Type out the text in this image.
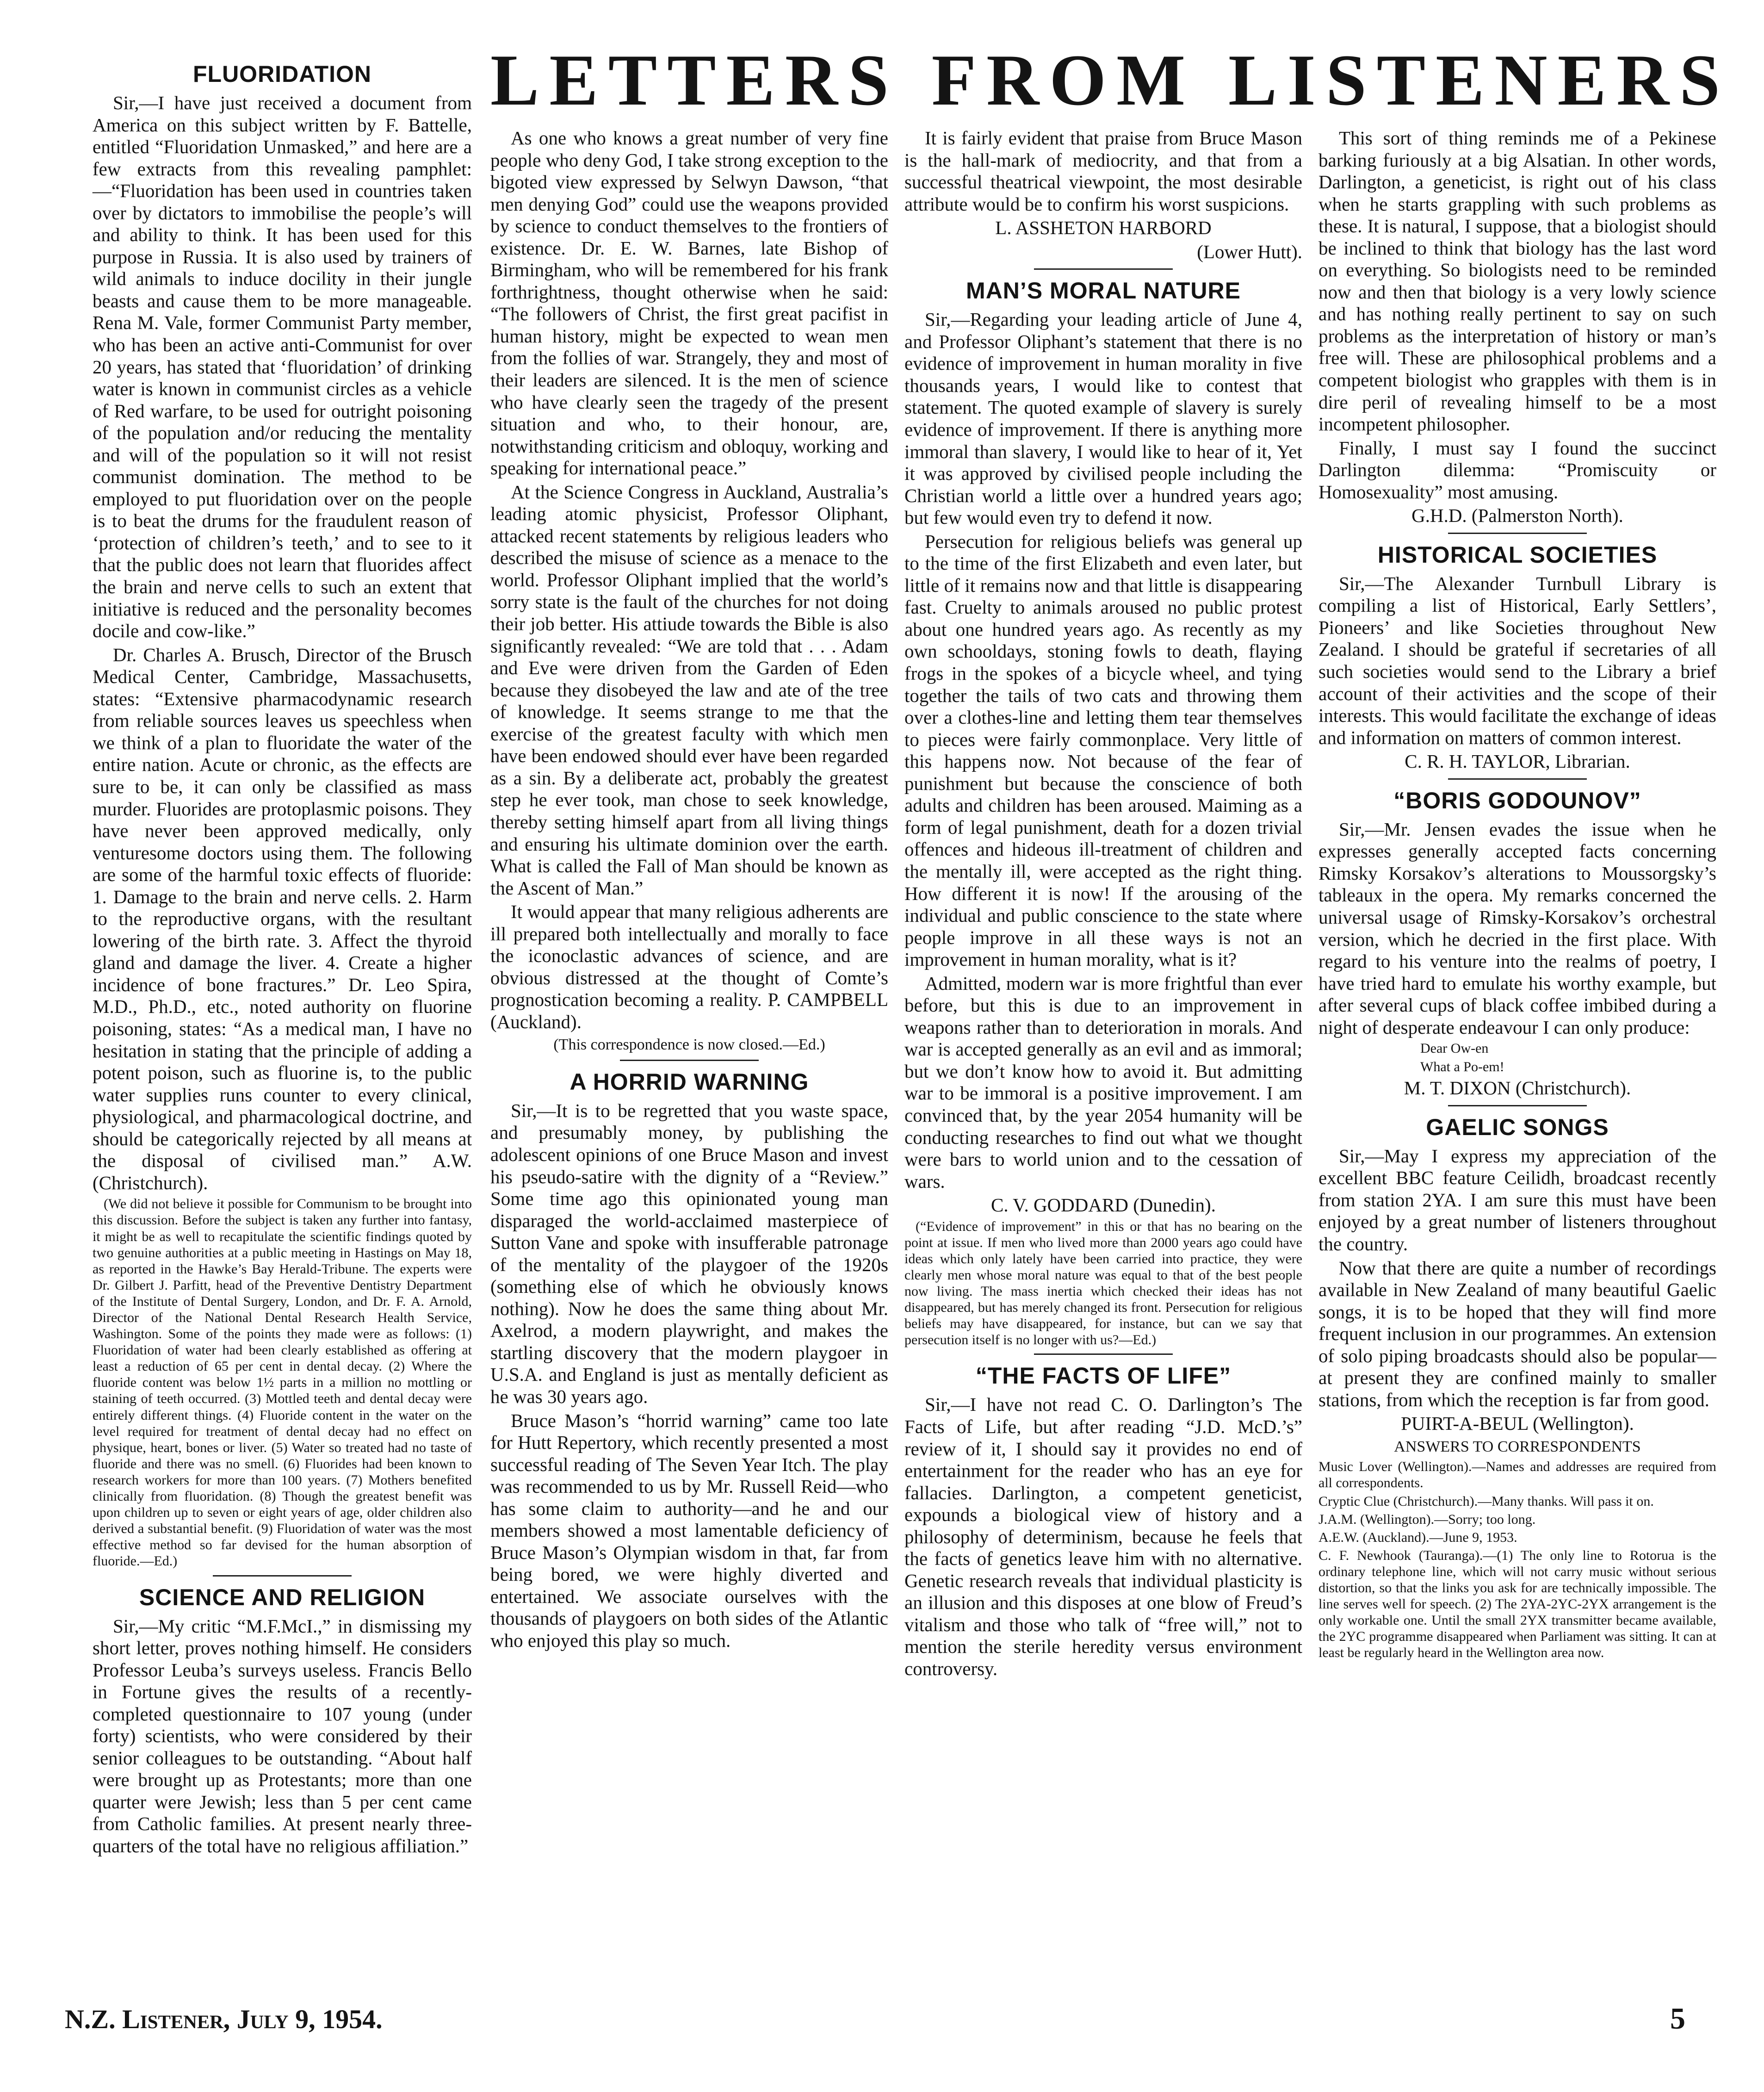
LETTERS FROM LISTENERS
FLUORIDATION

Sir,—I have just received a document from America on this subject written by F. Battelle, entitled “Fluoridation Unmasked,” and here are a few extracts from this revealing pamphlet:—“Fluoridation has been used in countries taken over by dictators to immobilise the people’s will and ability to think. It has been used for this purpose in Russia. It is also used by trainers of wild animals to induce docility in their jungle beasts and cause them to be more manageable. Rena M. Vale, former Communist Party member, who has been an active anti-Communist for over 20 years, has stated that ‘fluoridation’ of drinking water is known in communist circles as a vehicle of Red warfare, to be used for outright poisoning of the population and/or reducing the mentality and will of the population so it will not resist communist domination. The method to be employed to put fluoridation over on the people is to beat the drums for the fraudulent reason of ‘protection of children’s teeth,’ and to see to it that the public does not learn that fluorides affect the brain and nerve cells to such an extent that initiative is reduced and the personality becomes docile and cow-like.”

Dr. Charles A. Brusch, Director of the Brusch Medical Center, Cambridge, Massachusetts, states: “Extensive pharmacodynamic research from reliable sources leaves us speechless when we think of a plan to fluoridate the water of the entire nation. Acute or chronic, as the effects are sure to be, it can only be classified as mass murder. Fluorides are protoplasmic poisons. They have never been approved medically, only venturesome doctors using them. The following are some of the harmful toxic effects of fluoride: 1. Damage to the brain and nerve cells. 2. Harm to the reproductive organs, with the resultant lowering of the birth rate. 3. Affect the thyroid gland and damage the liver. 4. Create a higher incidence of bone fractures.” Dr. Leo Spira, M.D., Ph.D., etc., noted authority on fluorine poisoning, states: “As a medical man, I have no hesitation in stating that the principle of adding a potent poison, such as fluorine is, to the public water supplies runs counter to every clinical, physiological, and pharmacological doctrine, and should be categorically rejected by all means at the disposal of civilised man.” A.W. (Christchurch).

(We did not believe it possible for Communism to be brought into this discussion. Before the subject is taken any further into fantasy, it might be as well to recapitulate the scientific findings quoted by two genuine authorities at a public meeting in Hastings on May 18, as reported in the Hawke’s Bay Herald-Tribune. The experts were Dr. Gilbert J. Parfitt, head of the Preventive Dentistry Department of the Institute of Dental Surgery, London, and Dr. F. A. Arnold, Director of the National Dental Research Health Service, Washington. Some of the points they made were as follows: (1) Fluoridation of water had been clearly established as offering at least a reduction of 65 per cent in dental decay. (2) Where the fluoride content was below 1½ parts in a million no mottling or staining of teeth occurred. (3) Mottled teeth and dental decay were entirely different things. (4) Fluoride content in the water on the level required for treatment of dental decay had no effect on physique, heart, bones or liver. (5) Water so treated had no taste of fluoride and there was no smell. (6) Fluorides had been known to research workers for more than 100 years. (7) Mothers benefited clinically from fluoridation. (8) Though the greatest benefit was upon children up to seven or eight years of age, older children also derived a substantial benefit. (9) Fluoridation of water was the most effective method so far devised for the human absorption of fluoride.—Ed.)

SCIENCE AND RELIGION

Sir,—My critic “M.F.McI.,” in dismissing my short letter, proves nothing himself. He considers Professor Leuba’s surveys useless. Francis Bello in Fortune gives the results of a recently-completed questionnaire to 107 young (under forty) scientists, who were considered by their senior colleagues to be outstanding. “About half were brought up as Protestants; more than one quarter were Jewish; less than 5 per cent came from Catholic families. At present nearly three-quarters of the total have no religious affiliation.”

As one who knows a great number of very fine people who deny God, I take strong exception to the bigoted view expressed by Selwyn Dawson, “that men denying God” could use the weapons provided by science to conduct themselves to the frontiers of existence. Dr. E. W. Barnes, late Bishop of Birmingham, who will be remembered for his frank forthrightness, thought otherwise when he said: “The followers of Christ, the first great pacifist in human history, might be expected to wean men from the follies of war. Strangely, they and most of their leaders are silenced. It is the men of science who have clearly seen the tragedy of the present situation and who, to their honour, are, notwithstanding criticism and obloquy, working and speaking for international peace.”

At the Science Congress in Auckland, Australia’s leading atomic physicist, Professor Oliphant, attacked recent statements by religious leaders who described the misuse of science as a menace to the world. Professor Oliphant implied that the world’s sorry state is the fault of the churches for not doing their job better. His attiude towards the Bible is also significantly revealed: “We are told that . . . Adam and Eve were driven from the Garden of Eden because they disobeyed the law and ate of the tree of knowledge. It seems strange to me that the exercise of the greatest faculty with which men have been endowed should ever have been regarded as a sin. By a deliberate act, probably the greatest step he ever took, man chose to seek knowledge, thereby setting himself apart from all living things and ensuring his ultimate dominion over the earth. What is called the Fall of Man should be known as the Ascent of Man.”

It would appear that many religious adherents are ill prepared both intellectually and morally to face the iconoclastic advances of science, and are obvious distressed at the thought of Comte’s prognostication becoming a reality. P. CAMPBELL (Auckland).

(This correspondence is now closed.—Ed.)

A HORRID WARNING

Sir,—It is to be regretted that you waste space, and presumably money, by publishing the adolescent opinions of one Bruce Mason and invest his pseudo-satire with the dignity of a “Review.” Some time ago this opinionated young man disparaged the world-acclaimed masterpiece of Sutton Vane and spoke with insufferable patronage of the mentality of the playgoer of the 1920s (something else of which he obviously knows nothing). Now he does the same thing about Mr. Axelrod, a modern playwright, and makes the startling discovery that the modern playgoer in U.S.A. and England is just as mentally deficient as he was 30 years ago.

Bruce Mason’s “horrid warning” came too late for Hutt Repertory, which recently presented a most successful reading of The Seven Year Itch. The play was recommended to us by Mr. Russell Reid—who has some claim to authority—and he and our members showed a most lamentable deficiency of Bruce Mason’s Olympian wisdom in that, far from being bored, we were highly diverted and entertained. We associate ourselves with the thousands of playgoers on both sides of the Atlantic who enjoyed this play so much.

It is fairly evident that praise from Bruce Mason is the hall-mark of mediocrity, and that from a successful theatrical viewpoint, the most desirable attribute would be to confirm his worst suspicions.

L. ASSHETON HARBORD

(Lower Hutt).

MAN’S MORAL NATURE

Sir,—Regarding your leading article of June 4, and Professor Oliphant’s statement that there is no evidence of improvement in human morality in five thousands years, I would like to contest that statement. The quoted example of slavery is surely evidence of improvement. If there is anything more immoral than slavery, I would like to hear of it, Yet it was approved by civilised people including the Christian world a little over a hundred years ago; but few would even try to defend it now.

Persecution for religious beliefs was general up to the time of the first Elizabeth and even later, but little of it remains now and that little is disappearing fast. Cruelty to animals aroused no public protest about one hundred years ago. As recently as my own schooldays, stoning fowls to death, flaying frogs in the spokes of a bicycle wheel, and tying together the tails of two cats and throwing them over a clothes-line and letting them tear themselves to pieces were fairly commonplace. Very little of this happens now. Not because of the fear of punishment but because the conscience of both adults and children has been aroused. Maiming as a form of legal punishment, death for a dozen trivial offences and hideous ill-treatment of children and the mentally ill, were accepted as the right thing. How different it is now! If the arousing of the individual and public conscience to the state where people improve in all these ways is not an improvement in human morality, what is it?

Admitted, modern war is more frightful than ever before, but this is due to an improvement in weapons rather than to deterioration in morals. And war is accepted generally as an evil and as immoral; but we don’t know how to avoid it. But admitting war to be immoral is a positive improvement. I am convinced that, by the year 2054 humanity will be conducting researches to find out what we thought were bars to world union and to the cessation of wars.

C. V. GODDARD (Dunedin).

(“Evidence of improvement” in this or that has no bearing on the point at issue. If men who lived more than 2000 years ago could have ideas which only lately have been carried into practice, they were clearly men whose moral nature was equal to that of the best people now living. The mass inertia which checked their ideas has not disappeared, but has merely changed its front. Persecution for religious beliefs may have disappeared, for instance, but can we say that persecution itself is no longer with us?—Ed.)

“THE FACTS OF LIFE”

Sir,—I have not read C. O. Darlington’s The Facts of Life, but after reading “J.D. McD.’s” review of it, I should say it provides no end of entertainment for the reader who has an eye for fallacies. Darlington, a competent geneticist, expounds a biological view of history and a philosophy of determinism, because he feels that the facts of genetics leave him with no alternative. Genetic research reveals that individual plasticity is an illusion and this disposes at one blow of Freud’s vitalism and those who talk of “free will,” not to mention the sterile heredity versus environment controversy.

This sort of thing reminds me of a Pekinese barking furiously at a big Alsatian. In other words, Darlington, a geneticist, is right out of his class when he starts grappling with such problems as these. It is natural, I suppose, that a biologist should be inclined to think that biology has the last word on everything. So biologists need to be reminded now and then that biology is a very lowly science and has nothing really pertinent to say on such problems as the interpretation of history or man’s free will. These are philosophical problems and a competent biologist who grapples with them is in dire peril of revealing himself to be a most incompetent philosopher.

Finally, I must say I found the succinct Darlington dilemma: “Promiscuity or Homosexuality” most amusing.

G.H.D. (Palmerston North).

HISTORICAL SOCIETIES

Sir,—The Alexander Turnbull Library is compiling a list of Historical, Early Settlers’, Pioneers’ and like Societies throughout New Zealand. I should be grateful if secretaries of all such societies would send to the Library a brief account of their activities and the scope of their interests. This would facilitate the exchange of ideas and information on matters of common interest.

C. R. H. TAYLOR, Librarian.

“BORIS GODOUNOV”

Sir,—Mr. Jensen evades the issue when he expresses generally accepted facts concerning Rimsky Korsakov’s alterations to Moussorgsky’s tableaux in the opera. My remarks concerned the universal usage of Rimsky-Korsakov’s orchestral version, which he decried in the first place. With regard to his venture into the realms of poetry, I have tried hard to emulate his worthy example, but after several cups of black coffee imbibed during a night of desperate endeavour I can only produce:

Dear Ow-en

What a Po-em!

M. T. DIXON (Christchurch).

GAELIC SONGS

Sir,—May I express my appreciation of the excellent BBC feature Ceilidh, broadcast recently from station 2YA. I am sure this must have been enjoyed by a great number of listeners throughout the country.

Now that there are quite a number of recordings available in New Zealand of many beautiful Gaelic songs, it is to be hoped that they will find more frequent inclusion in our programmes. An extension of solo piping broadcasts should also be popular—at present they are confined mainly to smaller stations, from which the reception is far from good.

PUIRT-A-BEUL (Wellington).

ANSWERS TO CORRESPONDENTS

Music Lover (Wellington).—Names and addresses are required from all correspondents.

Cryptic Clue (Christchurch).—Many thanks. Will pass it on.

J.A.M. (Wellington).—Sorry; too long.

A.E.W. (Auckland).—June 9, 1953.

C. F. Newhook (Tauranga).—(1) The only line to Rotorua is the ordinary telephone line, which will not carry music without serious distortion, so that the links you ask for are technically impossible. The line serves well for speech. (2) The 2YA-2YC-2YX arrangement is the only workable one. Until the small 2YX transmitter became available, the 2YC programme disappeared when Parliament was sitting. It can at least be regularly heard in the Wellington area now.

N.Z. Listener, July 9, 1954.	5
